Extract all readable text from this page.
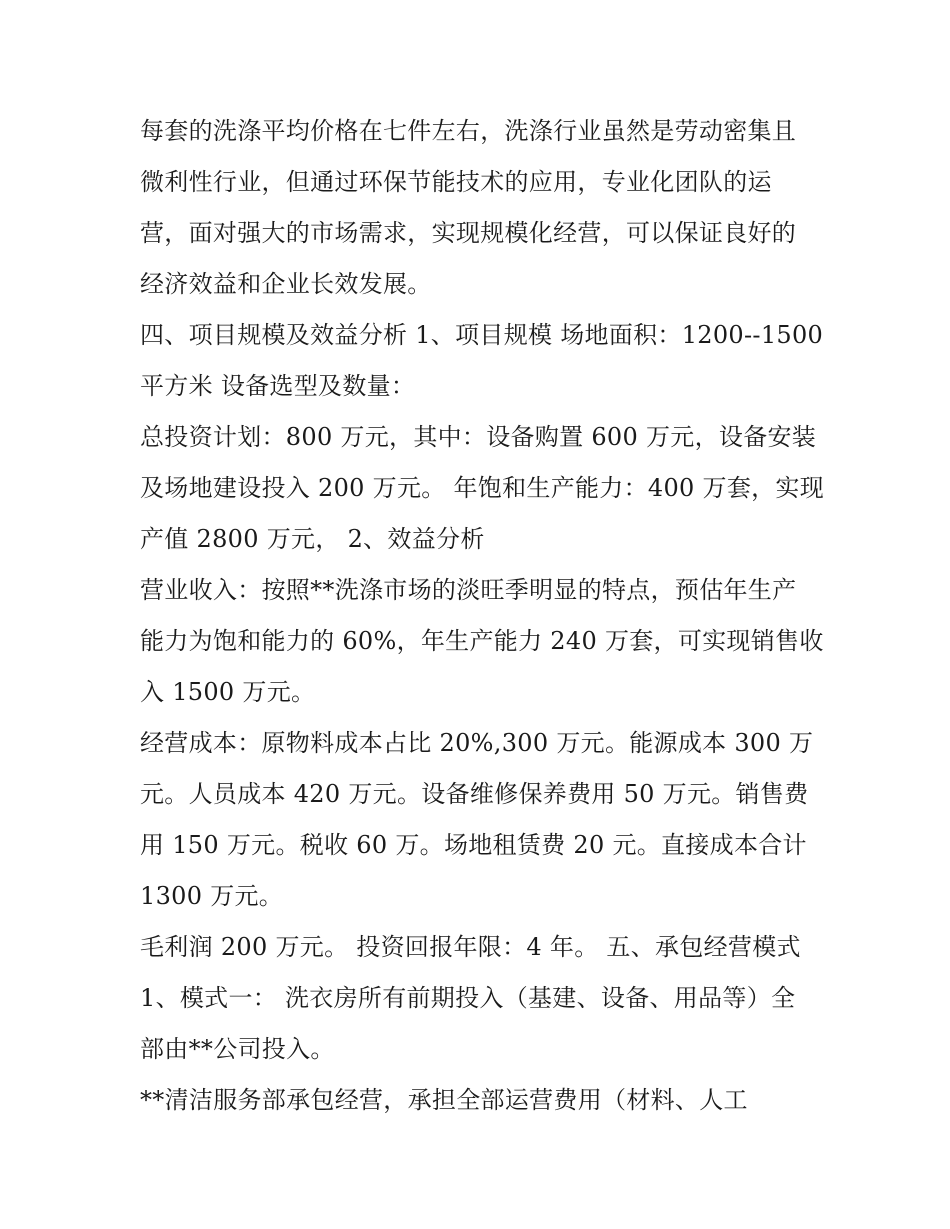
每套的洗涤平均价格在七件左右，洗涤行业虽然是劳动密集且
微利性行业，但通过环保节能技术的应用，专业化团队的运
营，面对强大的市场需求，实现规模化经营，可以保证良好的
经济效益和企业长效发展。
四、项目规模及效益分析 1、项目规模 场地面积：1200--1500
平方米 设备选型及数量：
总投资计划：800 万元，其中：设备购置 600 万元，设备安装
及场地建设投入 200 万元。 年饱和生产能力：400 万套，实现
产值 2800 万元， 2、效益分析
营业收入：按照**洗涤市场的淡旺季明显的特点，预估年生产
能力为饱和能力的 60%，年生产能力 240 万套，可实现销售收
入 1500 万元。
经营成本：原物料成本占比 20%,300 万元。能源成本 300 万
元。人员成本 420 万元。设备维修保养费用 50 万元。销售费
用 150 万元。税收 60 万。场地租赁费 20 元。直接成本合计
1300 万元。
毛利润 200 万元。 投资回报年限：4 年。 五、承包经营模式
1、模式一： 洗衣房所有前期投入（基建、设备、用品等）全
部由**公司投入。
**清洁服务部承包经营，承担全部运营费用（材料、人工
